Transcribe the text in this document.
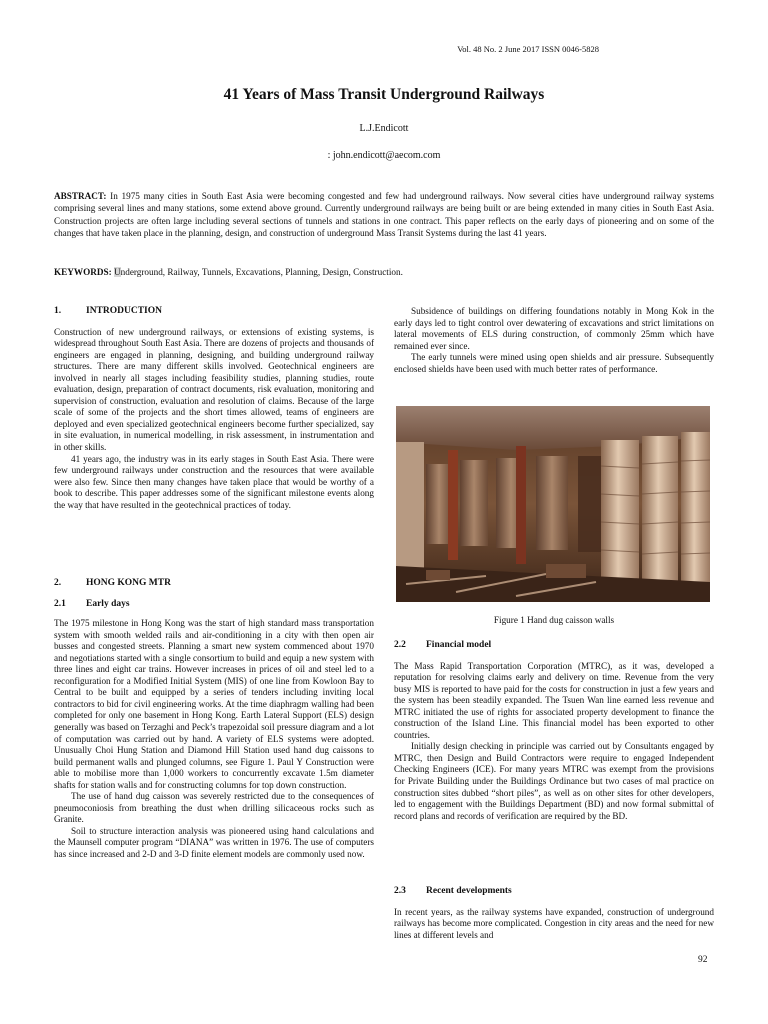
Vol. 48 No. 2 June 2017 ISSN 0046-5828
41 Years of Mass Transit Underground Railways
L.J.Endicott
: john.endicott@aecom.com
ABSTRACT: In 1975 many cities in South East Asia were becoming congested and few had underground railways. Now several cities have underground railway systems comprising several lines and many stations, some extend above ground. Currently underground railways are being built or are being extended in many cities in South East Asia. Construction projects are often large including several sections of tunnels and stations in one contract. This paper reflects on the early days of pioneering and on some of the changes that have taken place in the planning, design, and construction of underground Mass Transit Systems during the last 41 years.
KEYWORDS: Underground, Railway, Tunnels, Excavations, Planning, Design, Construction.
1.	INTRODUCTION

Construction of new underground railways, or extensions of existing systems, is widespread throughout South East Asia. There are dozens of projects and thousands of engineers are engaged in planning, designing, and building underground railway structures. There are many different skills involved. Geotechnical engineers are involved in nearly all stages including feasibility studies, planning studies, route evaluation, design, preparation of contract documents, risk evaluation, monitoring and supervision of construction, evaluation and resolution of claims. Because of the large scale of some of the projects and the short times allowed, teams of engineers are deployed and even specialized geotechnical engineers become further specialized, say in site evaluation, in numerical modelling, in risk assessment, in instrumentation and in other skills.

41 years ago, the industry was in its early stages in South East Asia. There were few underground railways under construction and the resources that were available were also few. Since then many changes have taken place that would be worthy of a book to describe. This paper addresses some of the significant milestone events along the way that have resulted in the geotechnical practices of today.

2.	HONG KONG MTR
2.1 Early days

The 1975 milestone in Hong Kong was the start of high standard mass transportation system with smooth welded rails and air-conditioning in a city with then open air busses and congested streets. Planning a smart new system commenced about 1970 and negotiations started with a single consortium to build and equip a new system with three lines and eight car trains. However increases in prices of oil and steel led to a reconfiguration for a Modified Initial System (MIS) of one line from Kowloon Bay to Central to be built and equipped by a series of tenders including inviting local contractors to bid for civil engineering works. At the time diaphragm walling had been completed for only one basement in Hong Kong. Earth Lateral Support (ELS) design generally was based on Terzaghi and Peck’s trapezoidal soil pressure diagram and a lot of computation was carried out by hand. A variety of ELS systems were adopted. Unusually Choi Hung Station and Diamond Hill Station used hand dug caissons to build permanent walls and plunged columns, see Figure 1. Paul Y Construction were able to mobilise more than 1,000 workers to concurrently excavate 1.5m diameter shafts for station walls and for constructing columns for top down construction.

The use of hand dug caisson was severely restricted due to the consequences of pneumoconiosis from breathing the dust when drilling silicaceous rocks such as Granite.

Soil to structure interaction analysis was pioneered using hand calculations and the Maunsell computer program “DIANA” was written in 1976. The use of computers has since increased and 2-D and 3-D finite element models are commonly used now.

Subsidence of buildings on differing foundations notably in Mong Kok in the early days led to tight control over dewatering of excavations and strict limitations on lateral movements of ELS during construction, of commonly 25mm which have remained ever since.

The early tunnels were mined using open shields and air pressure. Subsequently enclosed shields have been used with much better rates of performance.

Figure 1 Hand dug caisson walls
2.2 Financial model

The Mass Rapid Transportation Corporation (MTRC), as it was, developed a reputation for resolving claims early and delivery on time. Revenue from the very busy MIS is reported to have paid for the costs for construction in just a few years and the system has been steadily expanded. The Tsuen Wan line earned less revenue and MTRC initiated the use of rights for associated property development to finance the construction of the Island Line. This financial model has been exported to other countries.

Initially design checking in principle was carried out by Consultants engaged by MTRC, then Design and Build Contractors were require to engaged Independent Checking Engineers (ICE). For many years MTRC was exempt from the provisions for Private Building under the Buildings Ordinance but two cases of mal practice on construction sites dubbed “short piles”, as well as on other sites for other developers, led to engagement with the Buildings Department (BD) and now formal submittal of record plans and records of verification are required by the BD.

2.3 Recent developments

In recent years, as the railway systems have expanded, construction of underground railways has become more complicated. Congestion in city areas and the need for new lines at different levels and

92
